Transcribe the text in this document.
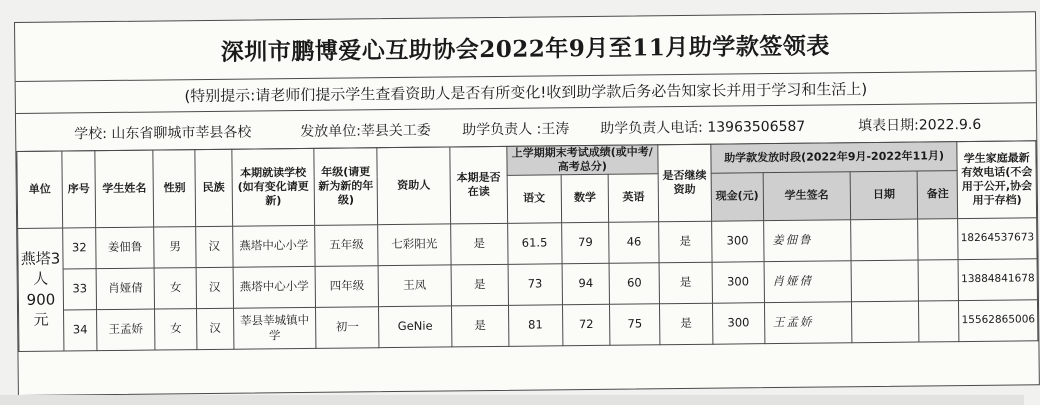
深圳市鹏博爱心互助协会2022年9月至11月助学款签领表
(特别提示:请老师们提示学生查看资助人是否有所变化!收到助学款后务必告知家长并用于学习和生活上)
学校: 山东省聊城市莘县各校	发放单位:莘县关工委 助学负责人 :王涛 助学负责人电话: 13963506587	填表日期:2022.9.6
单位	序号	学生姓名	性别	民族	本期就读学校(如有变化请更新)	年级(请更新为新的年级)	资助人	本期是否在读	上学期期末考试成绩(或中考/高考总分)			是否继续资助	助学款发放时段(2022年9月-2022年11月)				学生家庭最新有效电话(不会用于公开,协会用于存档)
									语文	数学	英语		现金(元)	学生签名	日期	备注	
燕塔3人900元	32	姜佃鲁	男	汉	燕塔中心小学	五年级	七彩阳光	是	61.5	79	46	是	300	姜佃鲁			18264537673
	33	肖娅倩	女	汉	燕塔中心小学	四年级	王凤	是	73	94	60	是	300	肖娅倩			13884841678
	34	王孟娇	女	汉	莘县莘城镇中学	初一	GeNie	是	81	72	75	是	300	王孟娇			15562865006
